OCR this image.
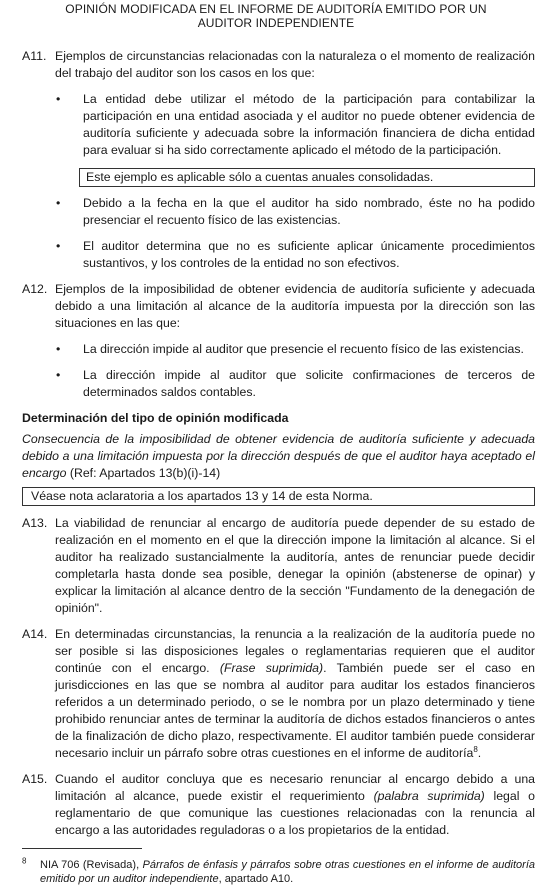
OPINIÓN MODIFICADA EN EL INFORME DE AUDITORÍA EMITIDO POR UN
AUDITOR INDEPENDIENTE
A11. Ejemplos de circunstancias relacionadas con la naturaleza o el momento de realización del trabajo del auditor son los casos en los que:
•	La entidad debe utilizar el método de la participación para contabilizar la participación en una entidad asociada y el auditor no puede obtener evidencia de auditoría suficiente y adecuada sobre la información financiera de dicha entidad para evaluar si ha sido correctamente aplicado el método de la participación.
Este ejemplo es aplicable sólo a cuentas anuales consolidadas.
•	Debido a la fecha en la que el auditor ha sido nombrado, éste no ha podido presenciar el recuento físico de las existencias.
•	El auditor determina que no es suficiente aplicar únicamente procedimientos sustantivos, y los controles de la entidad no son efectivos.
A12. Ejemplos de la imposibilidad de obtener evidencia de auditoría suficiente y adecuada debido a una limitación al alcance de la auditoría impuesta por la dirección son las situaciones en las que:
•	La dirección impide al auditor que presencie el recuento físico de las existencias.
•	La dirección impide al auditor que solicite confirmaciones de terceros de determinados saldos contables.
Determinación del tipo de opinión modificada
Consecuencia de la imposibilidad de obtener evidencia de auditoría suficiente y adecuada debido a una limitación impuesta por la dirección después de que el auditor haya aceptado el encargo (Ref: Apartados 13(b)(i)-14)
Véase nota aclaratoria a los apartados 13 y 14 de esta Norma.
A13. La viabilidad de renunciar al encargo de auditoría puede depender de su estado de realización en el momento en el que la dirección impone la limitación al alcance. Si el auditor ha realizado sustancialmente la auditoría, antes de renunciar puede decidir completarla hasta donde sea posible, denegar la opinión (abstenerse de opinar) y explicar la limitación al alcance dentro de la sección "Fundamento de la denegación de opinión".
A14. En determinadas circunstancias, la renuncia a la realización de la auditoría puede no ser posible si las disposiciones legales o reglamentarias requieren que el auditor continúe con el encargo. (Frase suprimida). También puede ser el caso en jurisdicciones en las que se nombra al auditor para auditar los estados financieros referidos a un determinado periodo, o se le nombra por un plazo determinado y tiene prohibido renunciar antes de terminar la auditoría de dichos estados financieros o antes de la finalización de dicho plazo, respectivamente. El auditor también puede considerar necesario incluir un párrafo sobre otras cuestiones en el informe de auditoría$^8$.
A15. Cuando el auditor concluya que es necesario renunciar al encargo debido a una limitación al alcance, puede existir el requerimiento (palabra suprimida) legal o reglamentario de que comunique las cuestiones relacionadas con la renuncia al encargo a las autoridades reguladoras o a los propietarios de la entidad.
$^8$	NIA 706 (Revisada), Párrafos de énfasis y párrafos sobre otras cuestiones en el informe de auditoría emitido por un auditor independiente, apartado A10.
